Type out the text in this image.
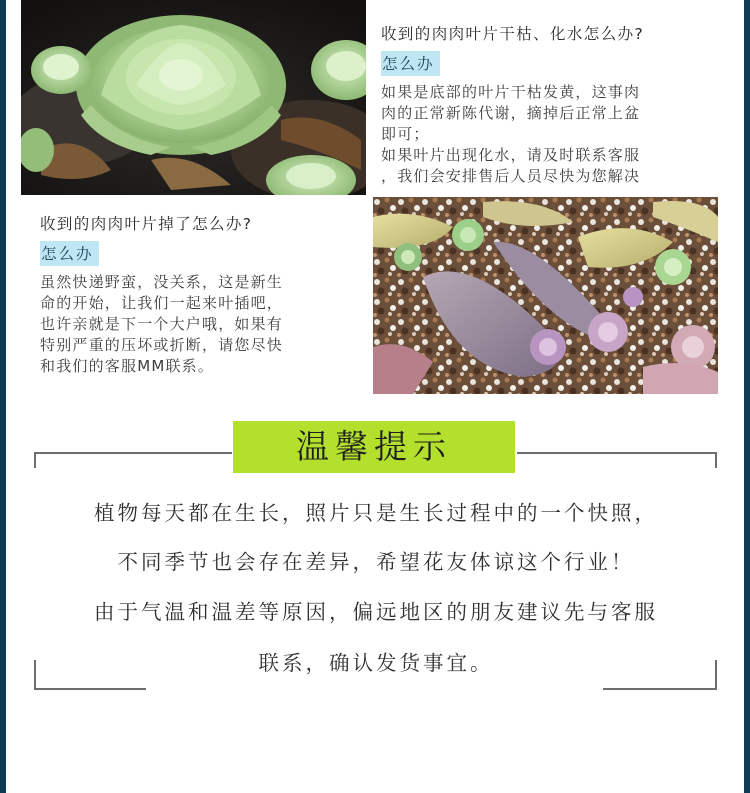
收到的肉肉叶片干枯、化水怎么办?
怎么办

如果是底部的叶片干枯发黄，这事肉

肉的正常新陈代谢，摘掉后正常上盆

即可；

如果叶片出现化水，请及时联系客服

，我们会安排售后人员尽快为您解决

收到的肉肉叶片掉了怎么办?
怎么办

虽然快递野蛮，没关系，这是新生

命的开始，让我们一起来叶插吧，

也许亲就是下一个大户哦，如果有

特别严重的压坏或折断，请您尽快

和我们的客服MM联系。

温馨提示
植物每天都在生长，照片只是生长过程中的一个快照，
不同季节也会存在差异，希望花友体谅这个行业！
由于气温和温差等原因，偏远地区的朋友建议先与客服
联系，确认发货事宜。
